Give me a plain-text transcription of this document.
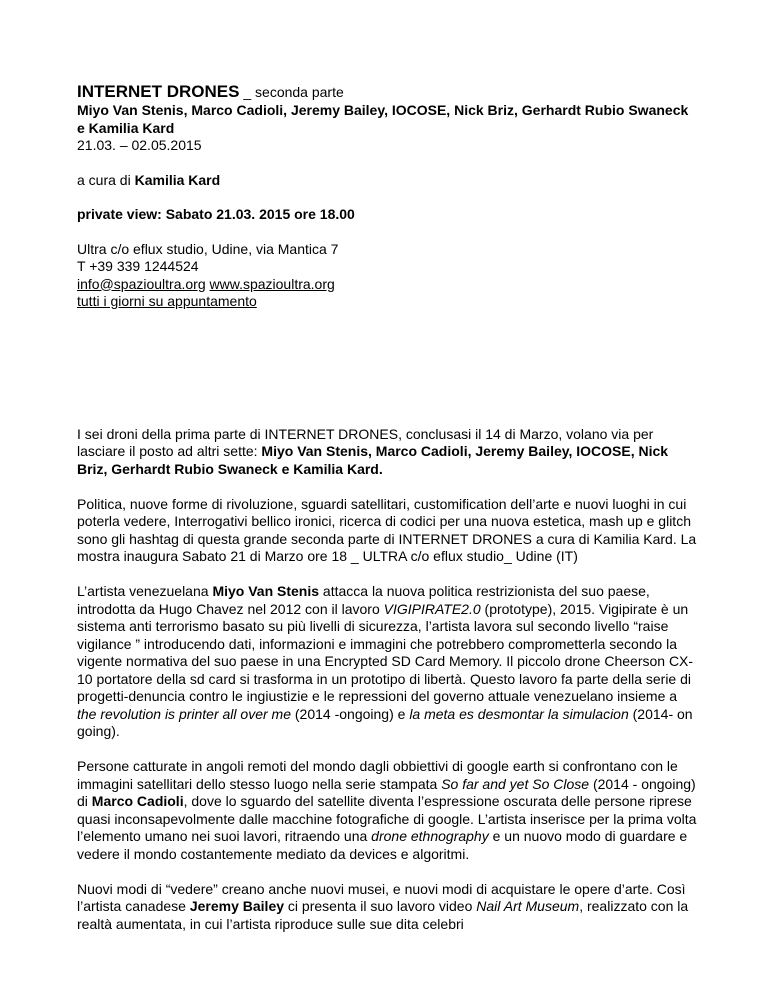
INTERNET DRONES _ seconda parte

Miyo Van Stenis, Marco Cadioli, Jeremy Bailey, IOCOSE, Nick Briz, Gerhardt Rubio Swaneck e Kamilia Kard

21.03. – 02.05.2015

a cura di Kamilia Kard

private view: Sabato 21.03. 2015 ore 18.00

Ultra c/o eflux studio, Udine, via Mantica 7

T +39 339 1244524

info@spazioultra.org www.spazioultra.org

tutti i giorni su appuntamento

I sei droni della prima parte di INTERNET DRONES, conclusasi il 14 di Marzo, volano via per lasciare il posto ad altri sette: Miyo Van Stenis, Marco Cadioli, Jeremy Bailey, IOCOSE, Nick Briz, Gerhardt Rubio Swaneck e Kamilia Kard.

Politica, nuove forme di rivoluzione, sguardi satellitari, customification dell’arte e nuovi luoghi in cui poterla vedere, Interrogativi bellico ironici, ricerca di codici per una nuova estetica, mash up e glitch sono gli hashtag di questa grande seconda parte di INTERNET DRONES a cura di Kamilia Kard. La mostra inaugura Sabato 21 di Marzo ore 18 _ ULTRA c/o eflux studio_ Udine (IT)

L’artista venezuelana Miyo Van Stenis attacca la nuova politica restrizionista del suo paese, introdotta da Hugo Chavez nel 2012 con il lavoro VIGIPIRATE2.0 (prototype), 2015. Vigipirate è un sistema anti terrorismo basato su più livelli di sicurezza, l’artista lavora sul secondo livello “raise vigilance ” introducendo dati, informazioni e immagini che potrebbero comprometterla secondo la vigente normativa del suo paese in una Encrypted SD Card Memory. Il piccolo drone Cheerson CX-10 portatore della sd card si trasforma in un prototipo di libertà. Questo lavoro fa parte della serie di progetti-denuncia contro le ingiustizie e le repressioni del governo attuale venezuelano insieme a the revolution is printer all over me (2014 -ongoing) e la meta es desmontar la simulacion (2014- on going).

Persone catturate in angoli remoti del mondo dagli obbiettivi di google earth si confrontano con le immagini satellitari dello stesso luogo nella serie stampata So far and yet So Close (2014 - ongoing) di Marco Cadioli, dove lo sguardo del satellite diventa l’espressione oscurata delle persone riprese quasi inconsapevolmente dalle macchine fotografiche di google. L’artista inserisce per la prima volta l’elemento umano nei suoi lavori, ritraendo una drone ethnography e un nuovo modo di guardare e vedere il mondo costantemente mediato da devices e algoritmi.

Nuovi modi di “vedere” creano anche nuovi musei, e nuovi modi di acquistare le opere d’arte. Così l’artista canadese Jeremy Bailey ci presenta il suo lavoro video Nail Art Museum, realizzato con la realtà aumentata, in cui l’artista riproduce sulle sue dita celebri
